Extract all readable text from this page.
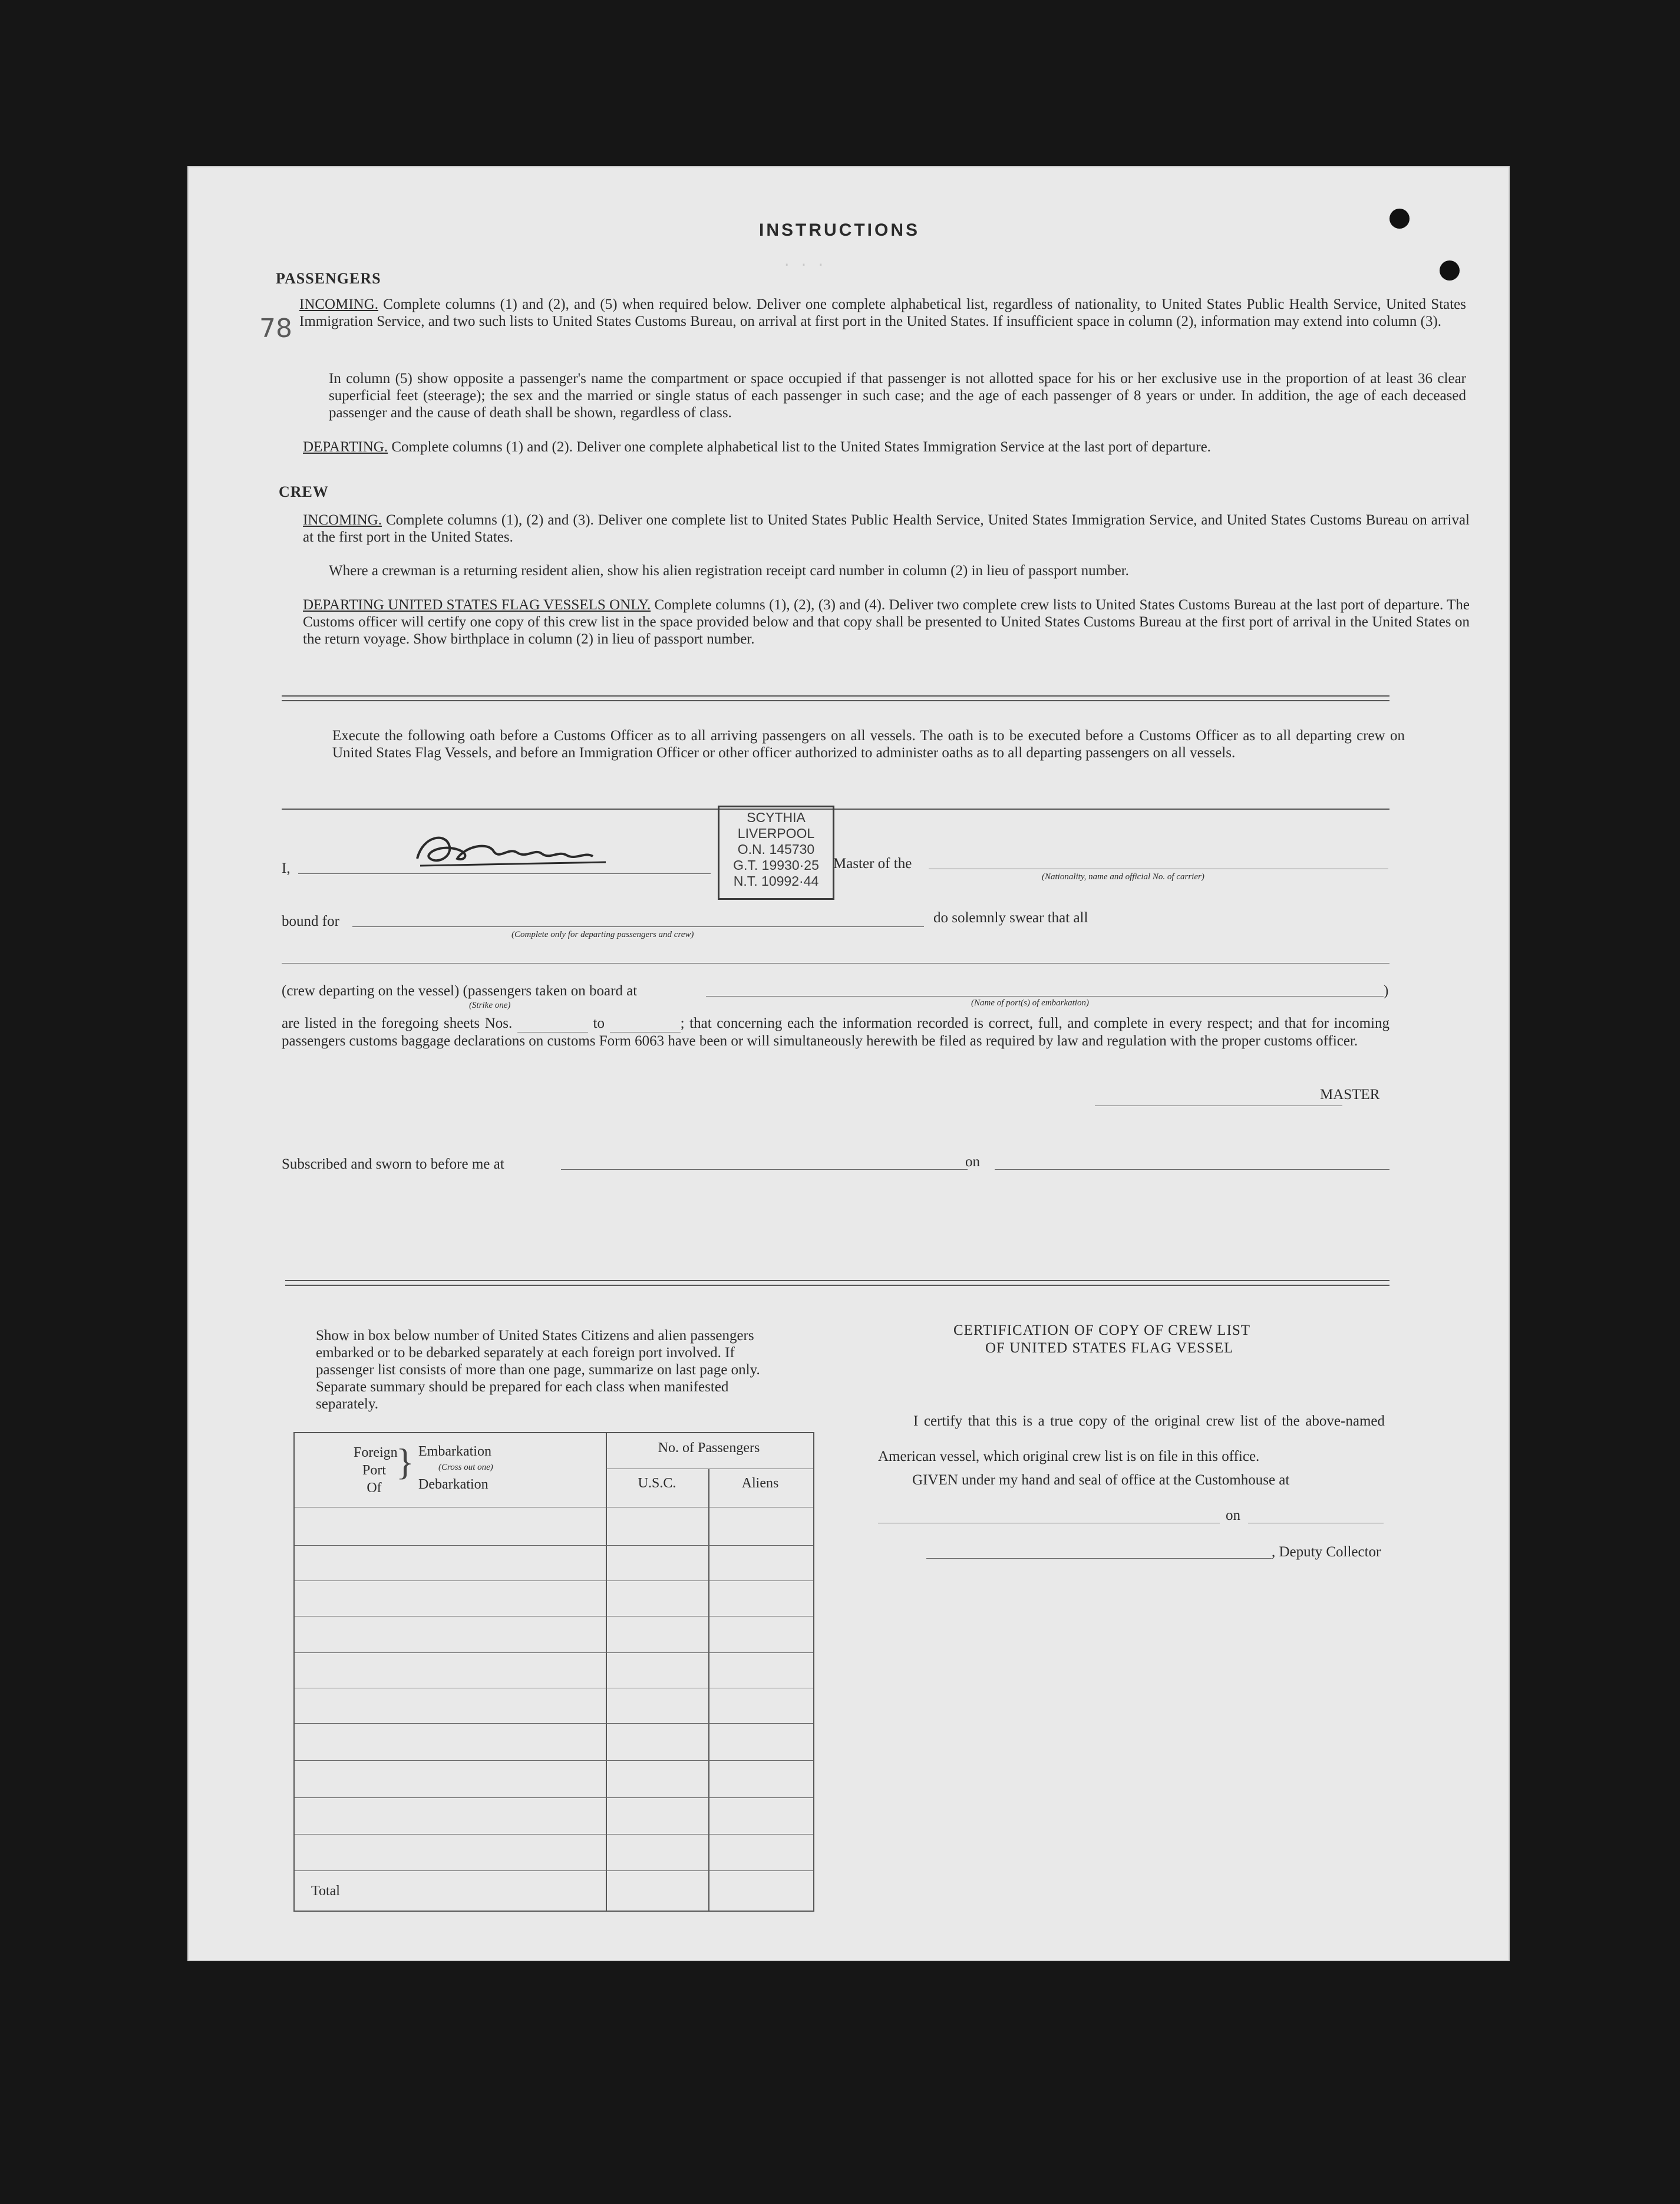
. . .
78
INSTRUCTIONS
PASSENGERS
INCOMING. Complete columns (1) and (2), and (5) when required below. Deliver one complete alphabetical list, regardless of nationality, to United States Public Health Service, United States Immigration Service, and two such lists to United States Customs Bureau, on arrival at first port in the United States. If insufficient space in column (2), information may extend into column (3).
In column (5) show opposite a passenger's name the compartment or space occupied if that passenger is not allotted space for his or her exclusive use in the proportion of at least 36 clear superficial feet (steerage); the sex and the married or single status of each passenger in such case; and the age of each passenger of 8 years or under. In addition, the age of each deceased passenger and the cause of death shall be shown, regardless of class.
DEPARTING. Complete columns (1) and (2). Deliver one complete alphabetical list to the United States Immigration Service at the last port of departure.
CREW
INCOMING. Complete columns (1), (2) and (3). Deliver one complete list to United States Public Health Service, United States Immigration Service, and United States Customs Bureau on arrival at the first port in the United States.
Where a crewman is a returning resident alien, show his alien registration receipt card number in column (2) in lieu of passport number.
DEPARTING UNITED STATES FLAG VESSELS ONLY. Complete columns (1), (2), (3) and (4). Deliver two complete crew lists to United States Customs Bureau at the last port of departure. The Customs officer will certify one copy of this crew list in the space provided below and that copy shall be presented to United States Customs Bureau at the first port of arrival in the United States on the return voyage. Show birthplace in column (2) in lieu of passport number.
Execute the following oath before a Customs Officer as to all arriving passengers on all vessels. The oath is to be executed before a Customs Officer as to all departing crew on United States Flag Vessels, and before an Immigration Officer or other officer authorized to administer oaths as to all departing passengers on all vessels.
SCYTHIA
LIVERPOOL
O.N. 145730
G.T. 19930·25
N.T. 10992·44
I,	Master of the
(Nationality, name and official No. of carrier)
bound for
(Complete only for departing passengers and crew)
do solemnly swear that all
(crew departing on the vessel) (passengers taken on board at
(Strike one)	(Name of port(s) of embarkation)
)
are listed in the foregoing sheets Nos.	to	; that concerning each the information recorded is correct, full, and complete in every respect; and that for incoming passengers customs baggage declarations on customs Form 6063 have been or will simultaneously herewith be filed as required by law and regulation with the proper customs officer.
MASTER
Subscribed and sworn to before me at	on
Show in box below number of United States Citizens and alien passengers embarked or to be debarked separately at each foreign port involved. If passenger list consists of more than one page, summarize on last page only. Separate summary should be prepared for each class when manifested separately.
Foreign Port Of
} Embarkation
(Cross out one)
Debarkation
No. of Passengers
U.S.C.	Aliens
Total
CERTIFICATION OF COPY OF CREW LIST
OF UNITED STATES FLAG VESSEL
I certify that this is a true copy of the original crew list of the above-named American vessel, which original crew list is on file in this office.
GIVEN under my hand and seal of office at the Customhouse at
on
, Deputy Collector
